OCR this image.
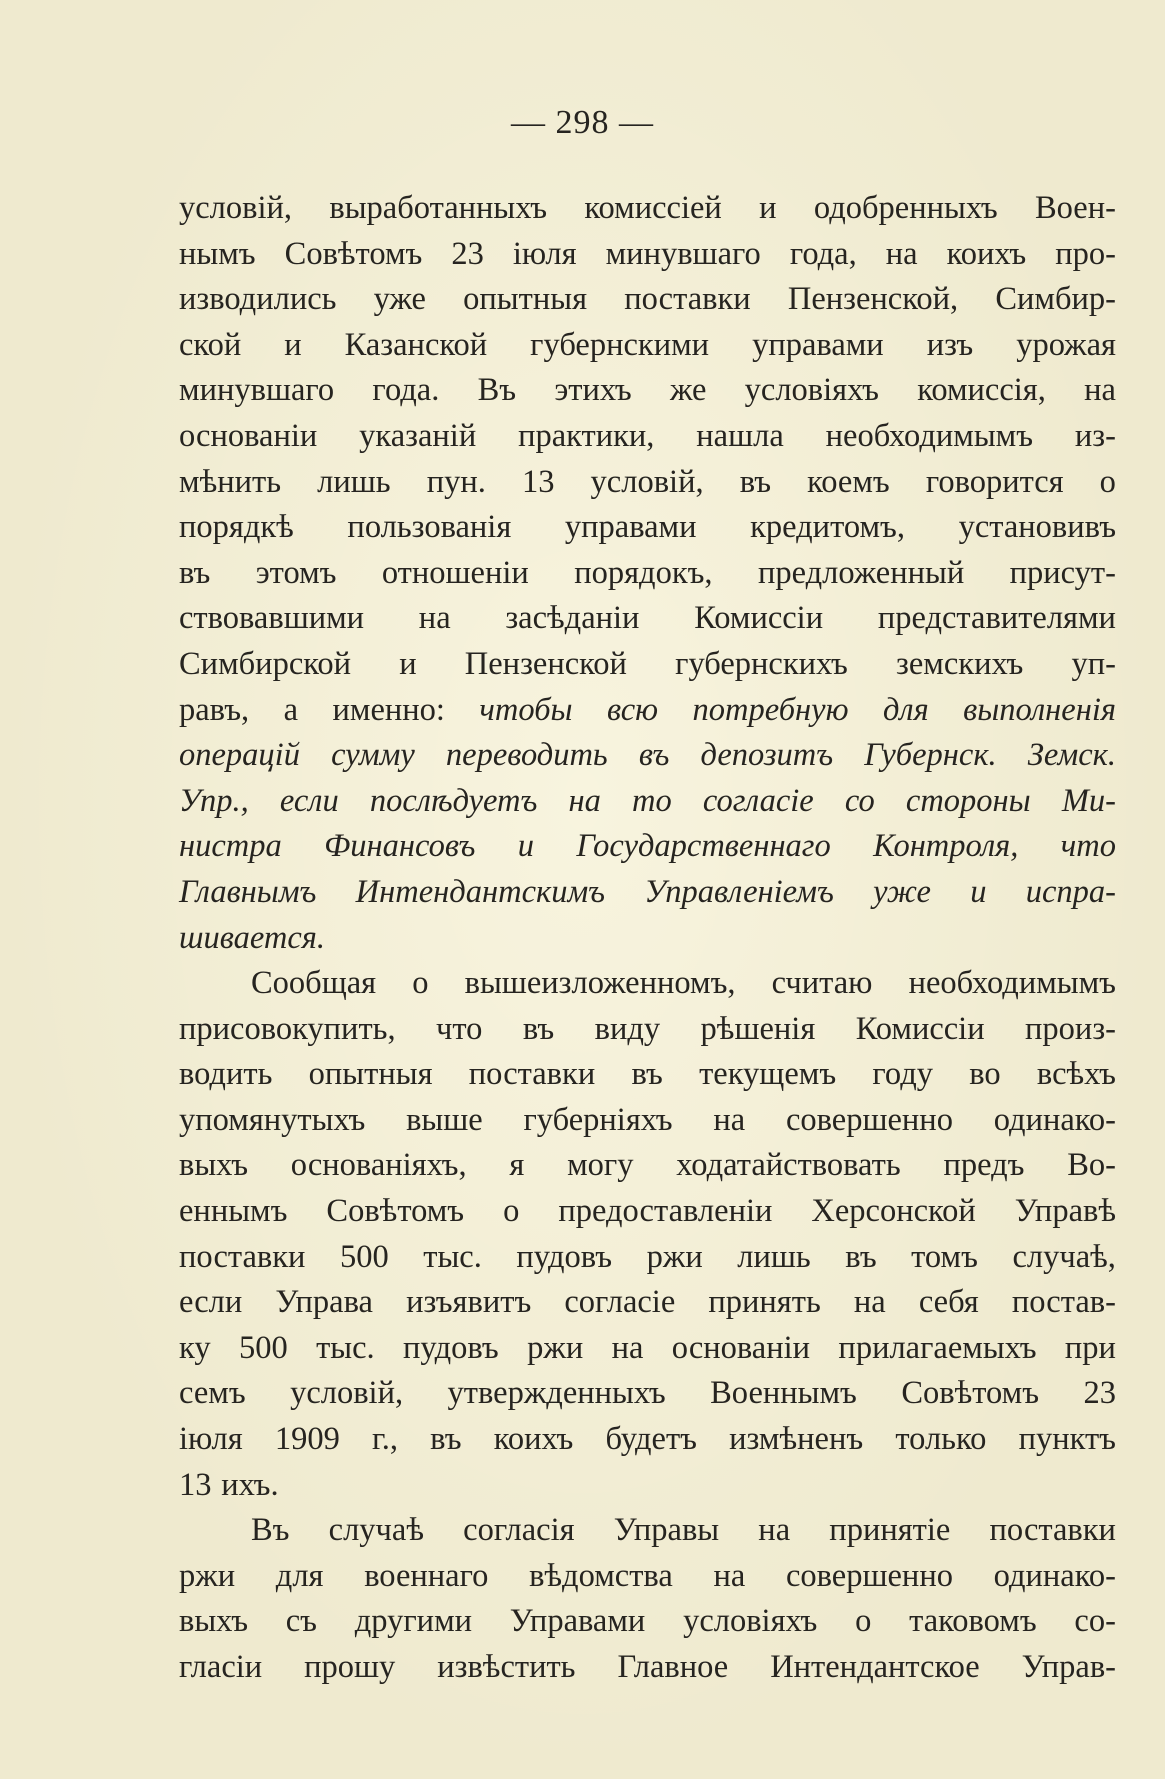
— 298 —
условій, выработанныхъ комиссіей и одобренныхъ Воен-
нымъ Совѣтомъ 23 іюля минувшаго года, на коихъ про-
изводились уже опытныя поставки Пензенской, Симбир-
ской и Казанской губернскими управами изъ урожая
минувшаго года. Въ этихъ же условіяхъ комиссія, на
основаніи указаній практики, нашла необходимымъ из-
мѣнить лишь пун. 13 условій, въ коемъ говорится о
порядкѣ пользованія управами кредитомъ, установивъ
въ этомъ отношеніи порядокъ, предложенный присут-
ствовавшими на засѣданіи Комиссіи представителями
Симбирской и Пензенской губернскихъ земскихъ уп-
равъ, а именно: чтобы всю потребную для выполненія
операцій сумму переводить въ депозитъ Губернск. Земск.
Упр., если послѣдуетъ на то согласіе со стороны Ми-
нистра Финансовъ и Государственнаго Контроля, что
Главнымъ Интендантскимъ Управленіемъ уже и испра-
шивается.
Сообщая о вышеизложенномъ, считаю необходимымъ
присовокупить, что въ виду рѣшенія Комиссіи произ-
водить опытныя поставки въ текущемъ году во всѣхъ
упомянутыхъ выше губерніяхъ на совершенно одинако-
выхъ основаніяхъ, я могу ходатайствовать предъ Во-
еннымъ Совѣтомъ о предоставленіи Херсонской Управѣ
поставки 500 тыс. пудовъ ржи лишь въ томъ случаѣ,
если Управа изъявитъ согласіе принять на себя постав-
ку 500 тыс. пудовъ ржи на основаніи прилагаемыхъ при
семъ условій, утвержденныхъ Военнымъ Совѣтомъ 23
іюля 1909 г., въ коихъ будетъ измѣненъ только пунктъ
13 ихъ.
Въ случаѣ согласія Управы на принятіе поставки
ржи для военнаго вѣдомства на совершенно одинако-
выхъ съ другими Управами условіяхъ о таковомъ со-
гласіи прошу извѣстить Главное Интендантское Управ-
